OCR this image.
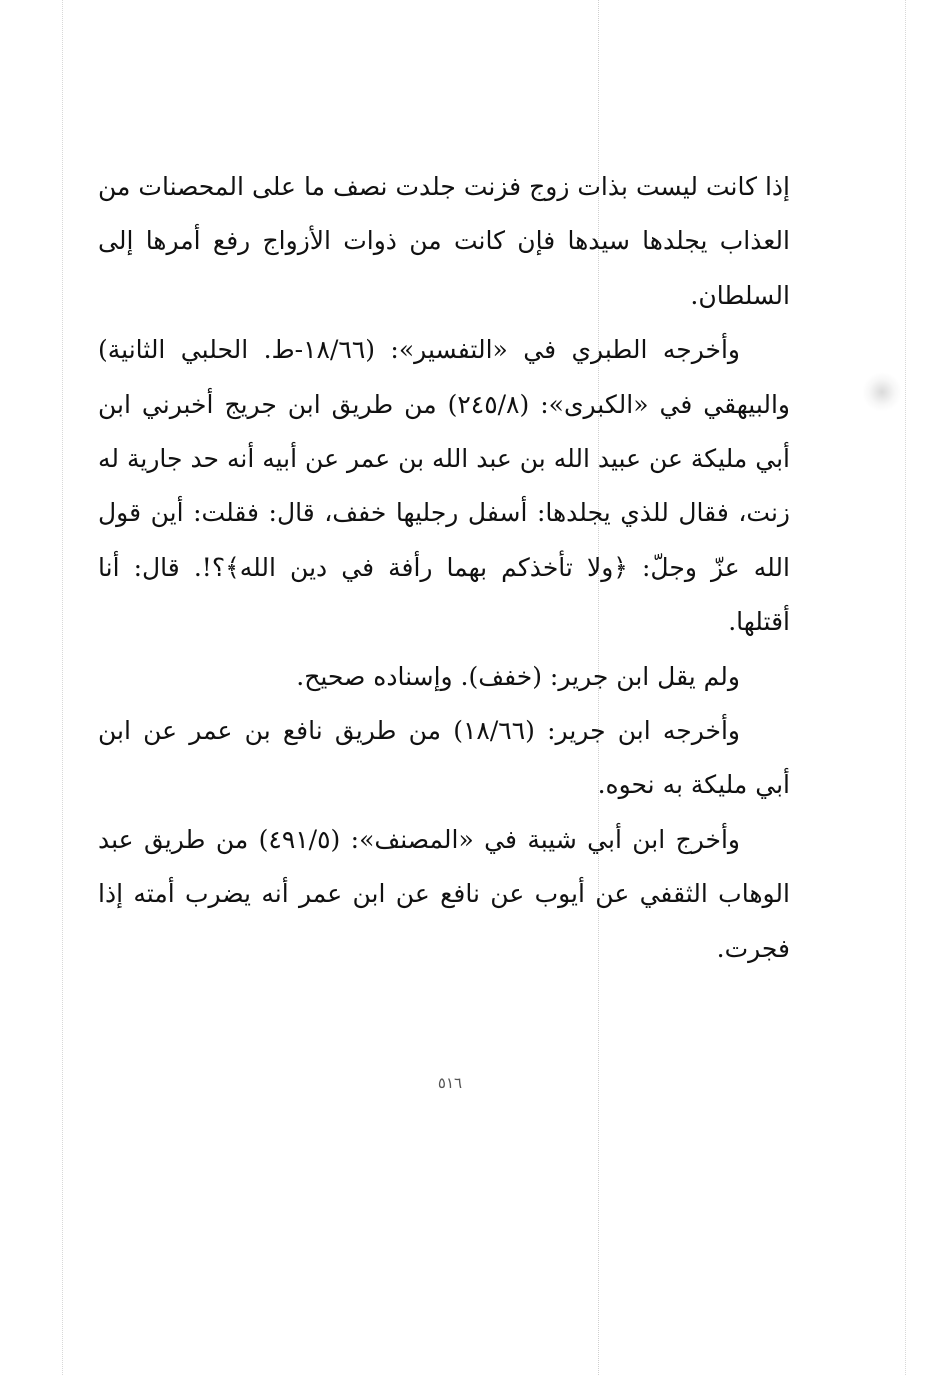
إذا كانت ليست بذات زوج فزنت جلدت نصف ما على المحصنات من العذاب يجلدها سيدها فإن كانت من ذوات الأزواج رفع أمرها إلى السلطان.

وأخرجه الطبري في «التفسير»: (١٨/٦٦-ط. الحلبي الثانية) والبيهقي في «الكبرى»: (٢٤٥/٨) من طريق ابن جريج أخبرني ابن أبي مليكة عن عبيد الله بن عبد الله بن عمر عن أبيه أنه حد جارية له زنت، فقال للذي يجلدها: أسفل رجليها خفف، قال: فقلت: أين قول الله عزّ وجلّ: ﴿ولا تأخذكم بهما رأفة في دين الله﴾؟!. قال: أنا أقتلها.

ولم يقل ابن جرير: (خفف). وإسناده صحيح.

وأخرجه ابن جرير: (١٨/٦٦) من طريق نافع بن عمر عن ابن أبي مليكة به نحوه.

وأخرج ابن أبي شيبة في «المصنف»: (٤٩١/٥) من طريق عبد الوهاب الثقفي عن أيوب عن نافع عن ابن عمر أنه يضرب أمته إذا فجرت.

٥١٦
